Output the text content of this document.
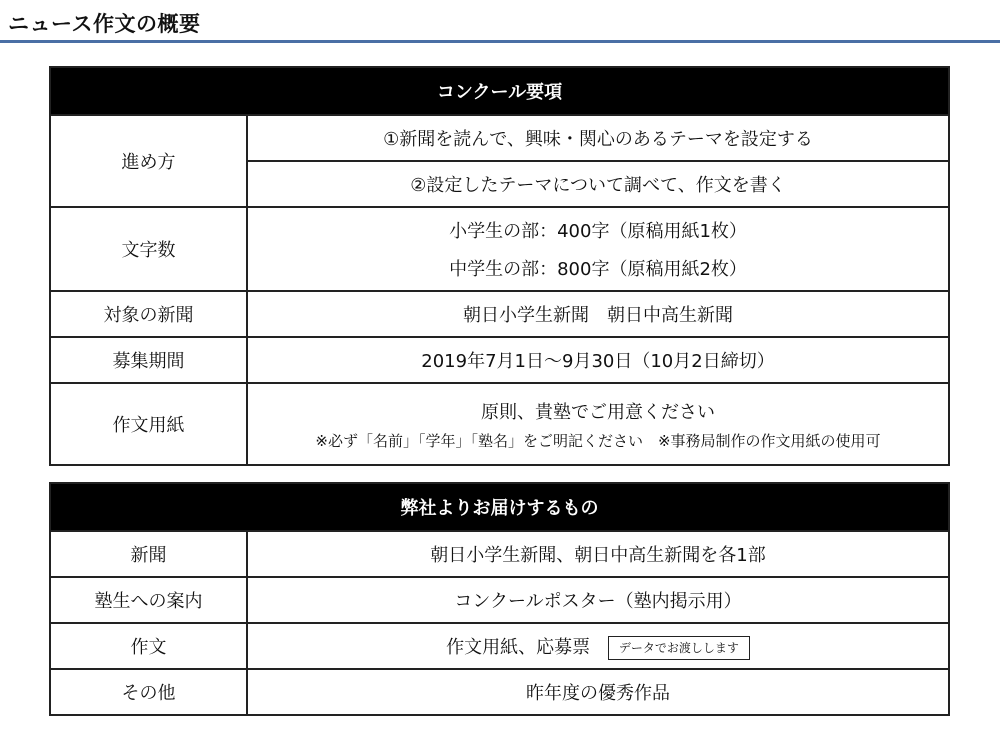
ニュース作文の概要
コンクール要項	
進め方	①新聞を読んで、興味・関心のあるテーマを設定する
	②設定したテーマについて調べて、作文を書く
文字数	小学生の部：400字（原稿用紙1枚）
中学生の部：800字（原稿用紙2枚）

対象の新聞	朝日小学生新聞　朝日中高生新聞
募集期間	2019年7月1日～9月30日（10月2日締切）
作文用紙	原則、貴塾でご用意ください
※必ず「名前」「学年」「塾名」をご明記ください　※事務局制作の作文用紙の使用可
弊社よりお届けするもの	
新聞	朝日小学生新聞、朝日中高生新聞を各1部
塾生への案内	コンクールポスター（塾内掲示用）
作文	作文用紙、応募票 データでお渡しします
その他	昨年度の優秀作品
